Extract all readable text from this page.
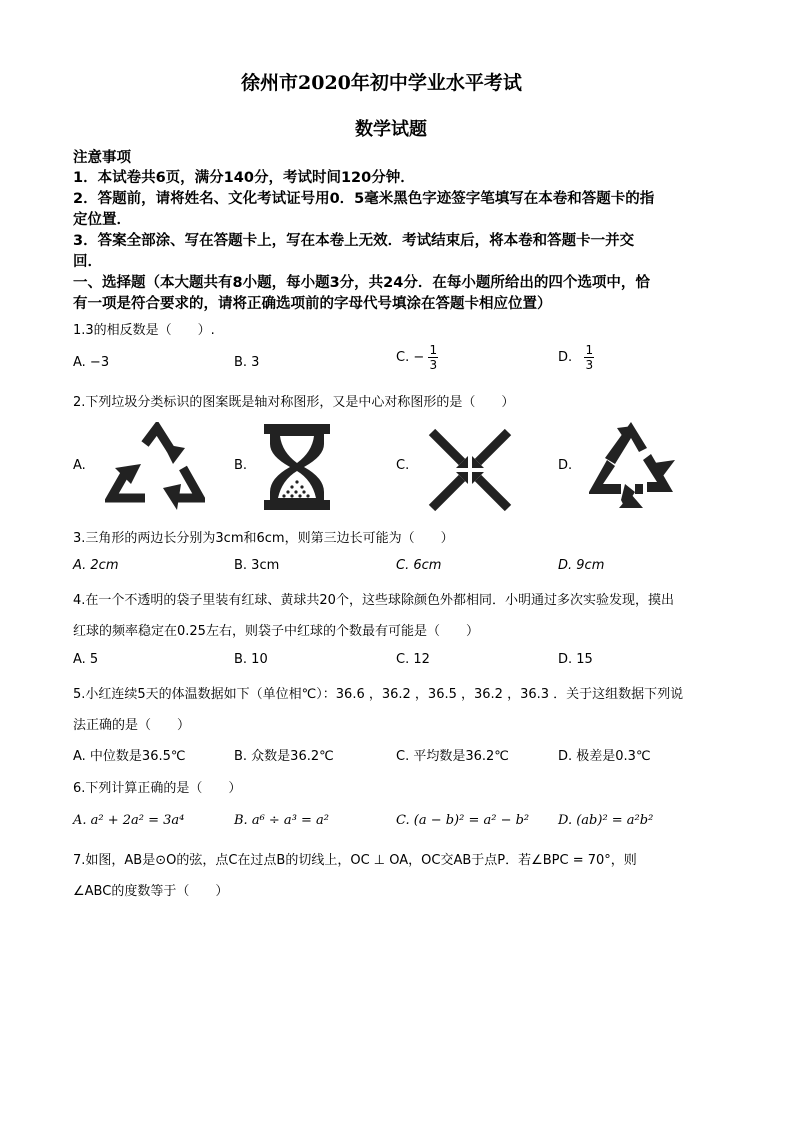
徐州市2020年初中学业水平考试
数学试题
注意事项
1．本试卷共6页，满分140分，考试时间120分钟．
2．答题前，请将姓名、文化考试证号用0．5毫米黑色字迹签字笔填写在本卷和答题卡的指
定位置．
3．答案全部涂、写在答题卡上，写在本卷上无效．考试结束后，将本卷和答题卡一并交
回．
一、选择题（本大题共有8小题，每小题3分，共24分．在每小题所给出的四个选项中，恰
有一项是符合要求的，请将正确选项前的字母代号填涂在答题卡相应位置）
1.3的相反数是（　　）.
A. −3	B. 3	C. − $\frac{1}{3}$	D. $\frac{1}{3}$
2.下列垃圾分类标识的图案既是轴对称图形，又是中心对称图形的是（　　）
A.	B.	C.	D.
3.三角形的两边长分别为3cm和6cm，则第三边长可能为（　　）
A. 2cm	B. 3cm	C. 6cm	D. 9cm
4.在一个不透明的袋子里装有红球、黄球共20个，这些球除颜色外都相同．小明通过多次实验发现，摸出
红球的频率稳定在0.25左右，则袋子中红球的个数最有可能是（　　）
A. 5	B. 10	C. 12	D. 15
5.小红连续5天的体温数据如下（单位相℃）：36.6 ，36.2 ，36.5 ，36.2 ，36.3 ．关于这组数据下列说
法正确的是（　　）
A. 中位数是36.5℃	B. 众数是36.2℃	C. 平均数是36.2℃	D. 极差是0.3℃
6.下列计算正确的是（　　）
A. a² + 2a² = 3a⁴	B. a⁶ ÷ a³ = a²	C. (a − b)² = a² − b² D. (ab)² = a²b²
7.如图，AB是⊙O的弦，点C在过点B的切线上，OC ⊥ OA，OC交AB于点P．若∠BPC = 70°，则
∠ABC的度数等于（　　）
